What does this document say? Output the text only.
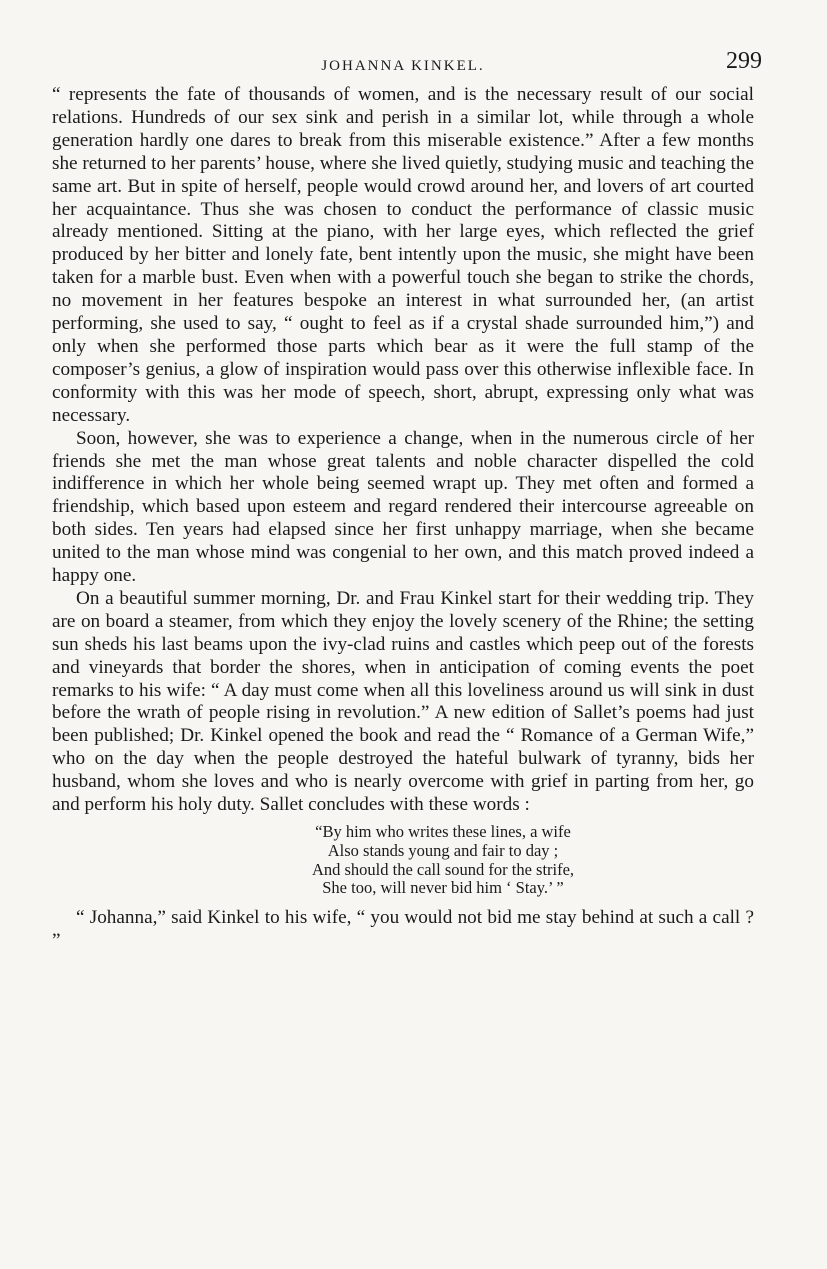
JOHANNA KINKEL.	299

“ represents the fate of thousands of women, and is the necessary result of our social relations. Hundreds of our sex sink and perish in a similar lot, while through a whole generation hardly one dares to break from this miserable existence.” After a few months she returned to her parents’ house, where she lived quietly, studying music and teaching the same art. But in spite of herself, people would crowd around her, and lovers of art courted her acquaintance. Thus she was chosen to conduct the performance of classic music already mentioned. Sitting at the piano, with her large eyes, which reflected the grief produced by her bitter and lonely fate, bent intently upon the music, she might have been taken for a marble bust. Even when with a powerful touch she began to strike the chords, no movement in her features bespoke an interest in what surrounded her, (an artist performing, she used to say, “ ought to feel as if a crystal shade surrounded him,”) and only when she performed those parts which bear as it were the full stamp of the composer’s genius, a glow of inspiration would pass over this otherwise inflexible face. In conformity with this was her mode of speech, short, abrupt, expressing only what was necessary.

Soon, however, she was to experience a change, when in the numerous circle of her friends she met the man whose great talents and noble character dispelled the cold indifference in which her whole being seemed wrapt up. They met often and formed a friendship, which based upon esteem and regard rendered their intercourse agreeable on both sides. Ten years had elapsed since her first unhappy marriage, when she became united to the man whose mind was congenial to her own, and this match proved indeed a happy one.

On a beautiful summer morning, Dr. and Frau Kinkel start for their wedding trip. They are on board a steamer, from which they enjoy the lovely scenery of the Rhine; the setting sun sheds his last beams upon the ivy-clad ruins and castles which peep out of the forests and vineyards that border the shores, when in anticipation of coming events the poet remarks to his wife: “ A day must come when all this loveliness around us will sink in dust before the wrath of people rising in revolution.” A new edition of Sallet’s poems had just been published; Dr. Kinkel opened the book and read the “ Romance of a German Wife,” who on the day when the people destroyed the hateful bulwark of tyranny, bids her husband, whom she loves and who is nearly overcome with grief in parting from her, go and perform his holy duty. Sallet concludes with these words :

“By him who writes these lines, a wife
Also stands young and fair to day ;
And should the call sound for the strife,
She too, will never bid him ‘ Stay.’ ”

“ Johanna,” said Kinkel to his wife, “ you would not bid me stay behind at such a call ? ”
